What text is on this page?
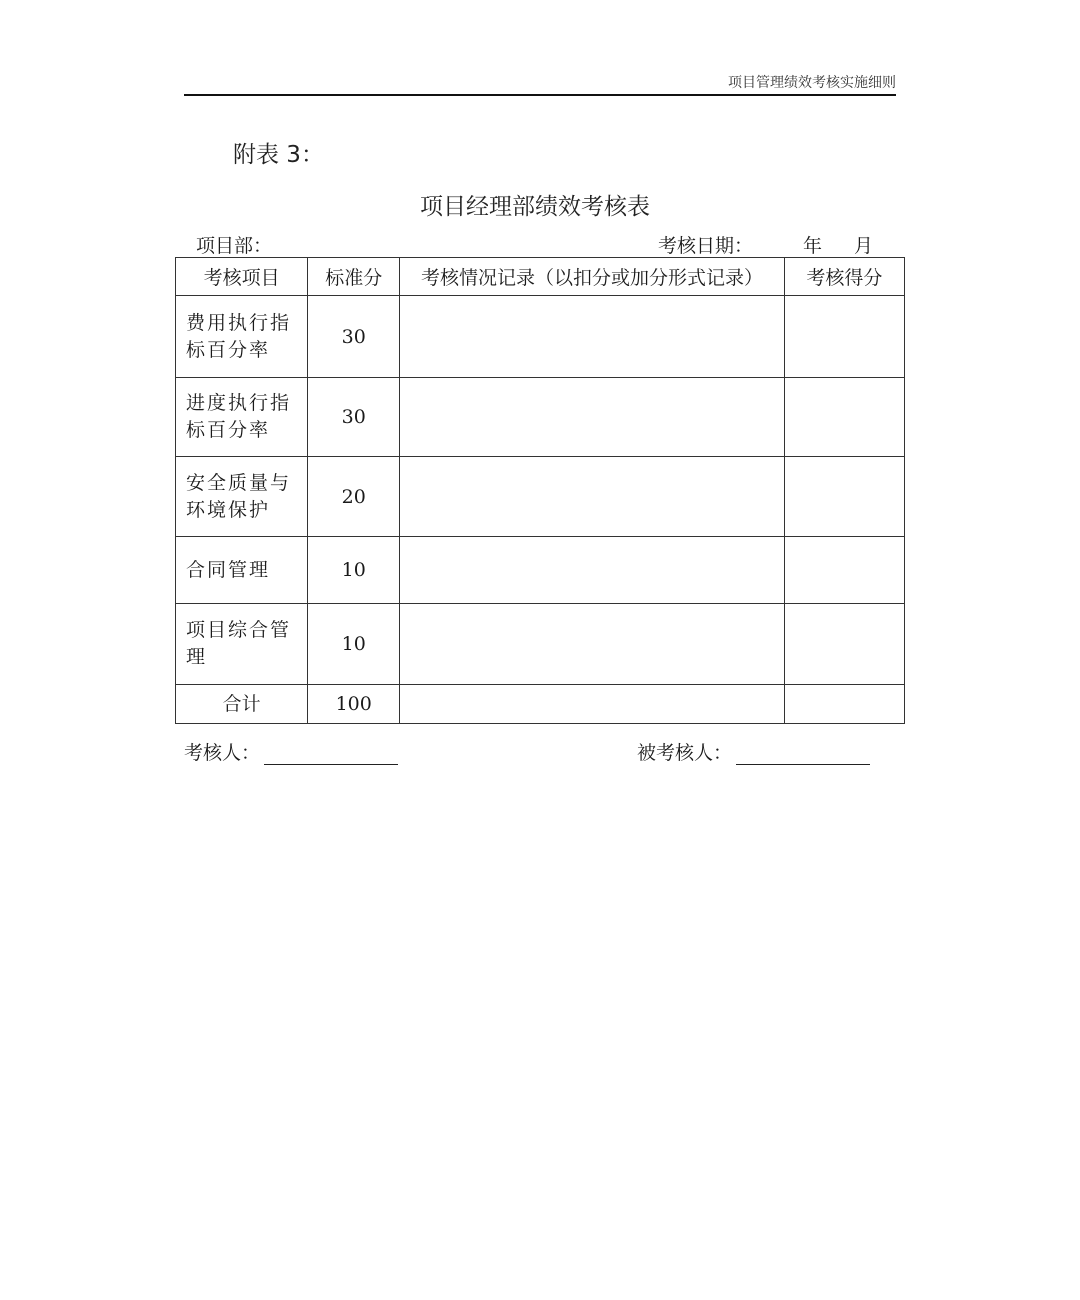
项目管理绩效考核实施细则
附表 3：
项目经理部绩效考核表
项目部：	考核日期：	年 月
考核项目	标准分	考核情况记录（以扣分或加分形式记录）	考核得分
费用执行指标百分率	30		
进度执行指标百分率	30		
安全质量与环境保护	20		
合同管理	10		
项目综合管理	10		
合计	100		
考核人：	被考核人：
